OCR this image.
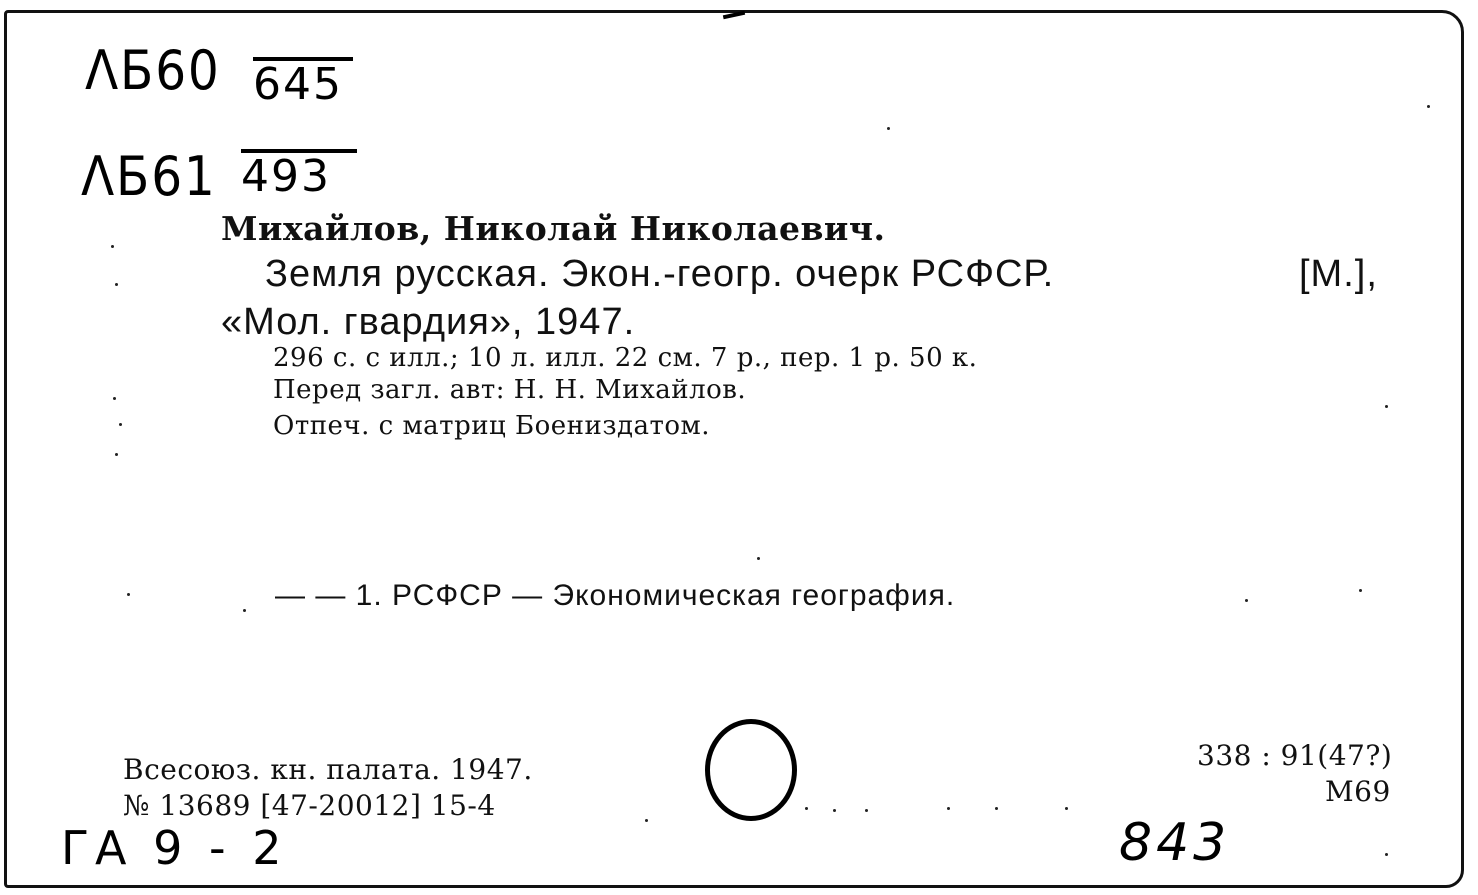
ΛБ60 645
ΛБ61 493
Михайлов, Николай Николаевич.
Земля русская. Экон.-геогр. очерк РСФСР.	[М.],
«Мол. гвардия», 1947.
296 с. с илл.; 10 л. илл. 22 см. 7 р., пер. 1 р. 50 к.
Перед загл. авт: Н. Н. Михайлов.
Отпеч. с матриц Боениздатом.
— — 1. РСФСР — Экономическая география.
Всесоюз. кн. палата. 1947.
№ 13689 [47-20012] 15-4
338 : 91(47?)
М69
ГА 9 - 2	843
